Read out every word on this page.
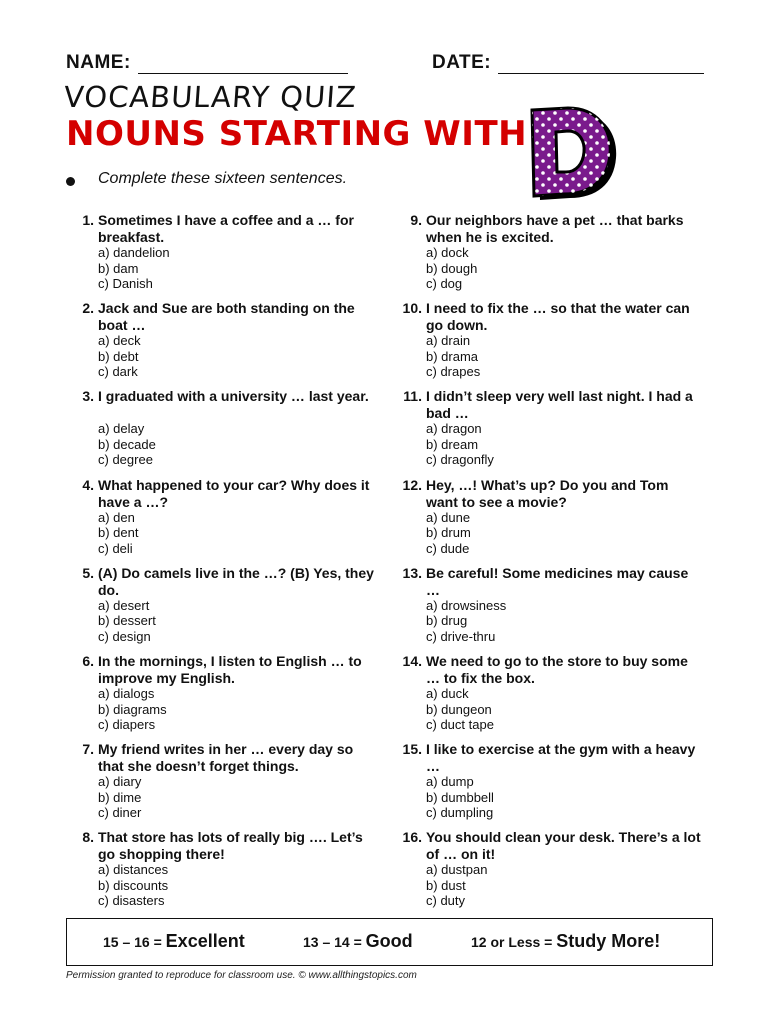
NAME:	DATE:
VOCABULARY QUIZ
NOUNS STARTING WITH
Complete these sixteen sentences.
1. Sometimes I have a coffee and a … for breakfast.
a) dandelion
b) dam
c) Danish
2. Jack and Sue are both standing on the boat …
a) deck
b) debt
c) dark
3. I graduated with a university … last year.
a) delay
b) decade
c) degree
4. What happened to your car? Why does it have a …?
a) den
b) dent
c) deli
5. (A) Do camels live in the …? (B) Yes, they do.
a) desert
b) dessert
c) design
6. In the mornings, I listen to English … to improve my English.
a) dialogs
b) diagrams
c) diapers
7. My friend writes in her … every day so that she doesn’t forget things.
a) diary
b) dime
c) diner
8. That store has lots of really big …. Let’s go shopping there!
a) distances
b) discounts
c) disasters
9. Our neighbors have a pet … that barks when he is excited.
a) dock
b) dough
c) dog
10. I need to fix the … so that the water can go down.
a) drain
b) drama
c) drapes
11. I didn’t sleep very well last night. I had a bad …
a) dragon
b) dream
c) dragonfly
12. Hey, …! What’s up? Do you and Tom want to see a movie?
a) dune
b) drum
c) dude
13. Be careful! Some medicines may cause …
a) drowsiness
b) drug
c) drive-thru
14. We need to go to the store to buy some … to fix the box.
a) duck
b) dungeon
c) duct tape
15. I like to exercise at the gym with a heavy …
a) dump
b) dumbbell
c) dumpling
16. You should clean your desk. There’s a lot of … on it!
a) dustpan
b) dust
c) duty
15 – 16 = Excellent	13 – 14 = Good	12 or Less = Study More!
Permission granted to reproduce for classroom use. © www.allthingstopics.com
